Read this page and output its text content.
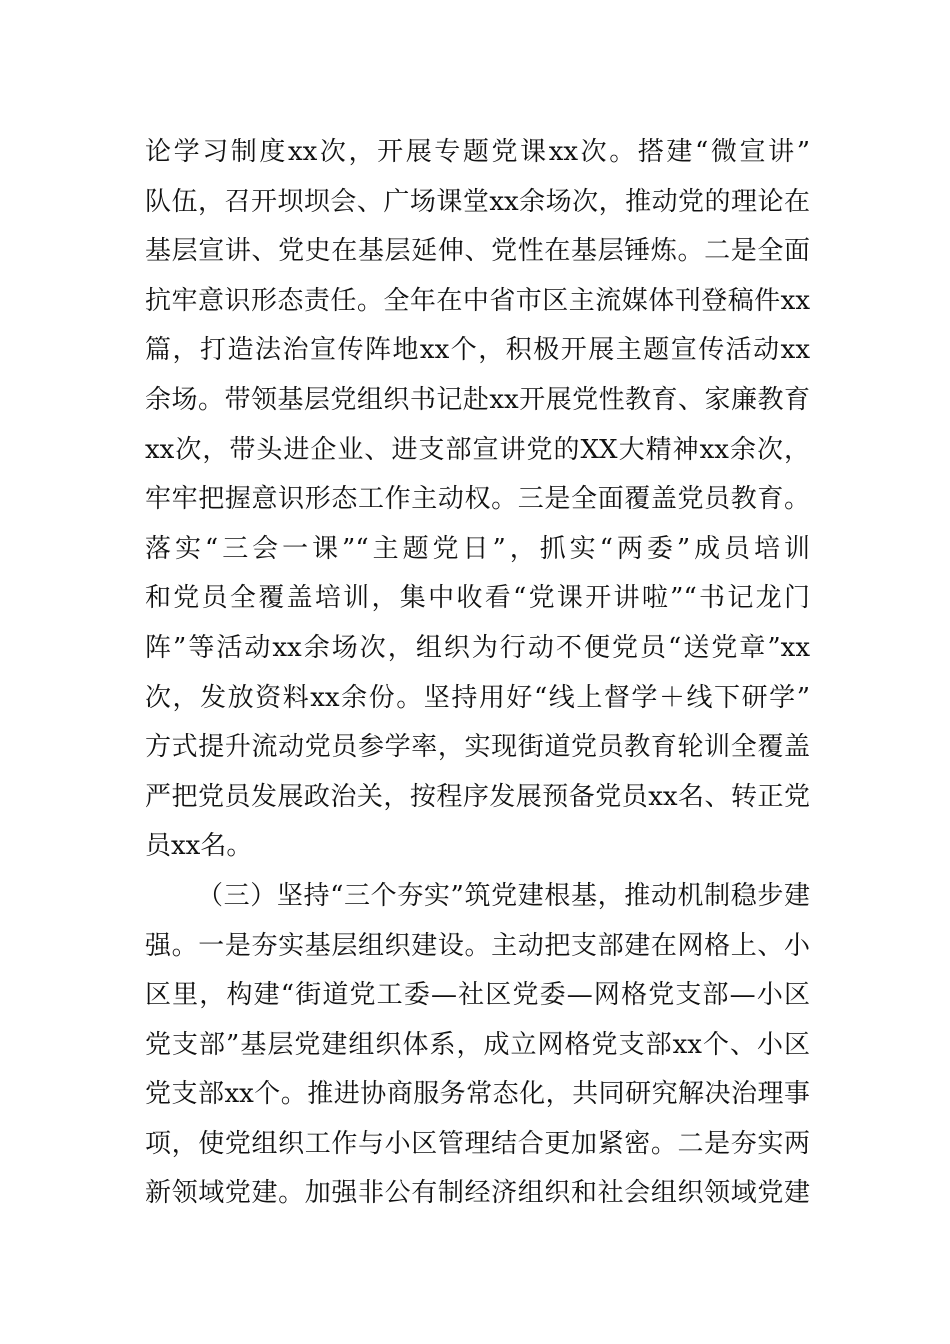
论学习制度xx次，开展专题党课xx次。搭建“微宣讲”
队伍，召开坝坝会、广场课堂xx余场次，推动党的理论在
基层宣讲、党史在基层延伸、党性在基层锤炼。二是全面
抗牢意识形态责任。全年在中省市区主流媒体刊登稿件xx
篇，打造法治宣传阵地xx个，积极开展主题宣传活动xx
余场。带领基层党组织书记赴xx开展党性教育、家廉教育
xx次，带头进企业、进支部宣讲党的XX大精神xx余次，
牢牢把握意识形态工作主动权。三是全面覆盖党员教育。
落实“三会一课”“主题党日”，抓实“两委”成员培训
和党员全覆盖培训，集中收看“党课开讲啦”“书记龙门
阵”等活动xx余场次，组织为行动不便党员“送党章”xx
次，发放资料xx余份。坚持用好“线上督学＋线下研学”
方式提升流动党员参学率，实现街道党员教育轮训全覆盖
严把党员发展政治关，按程序发展预备党员xx名、转正党
员xx名。
（三）坚持“三个夯实”筑党建根基，推动机制稳步建
强。一是夯实基层组织建设。主动把支部建在网格上、小
区里，构建“街道党工委—社区党委—网格党支部—小区
党支部”基层党建组织体系，成立网格党支部xx个、小区
党支部xx个。推进协商服务常态化，共同研究解决治理事
项，使党组织工作与小区管理结合更加紧密。二是夯实两
新领域党建。加强非公有制经济组织和社会组织领域党建
